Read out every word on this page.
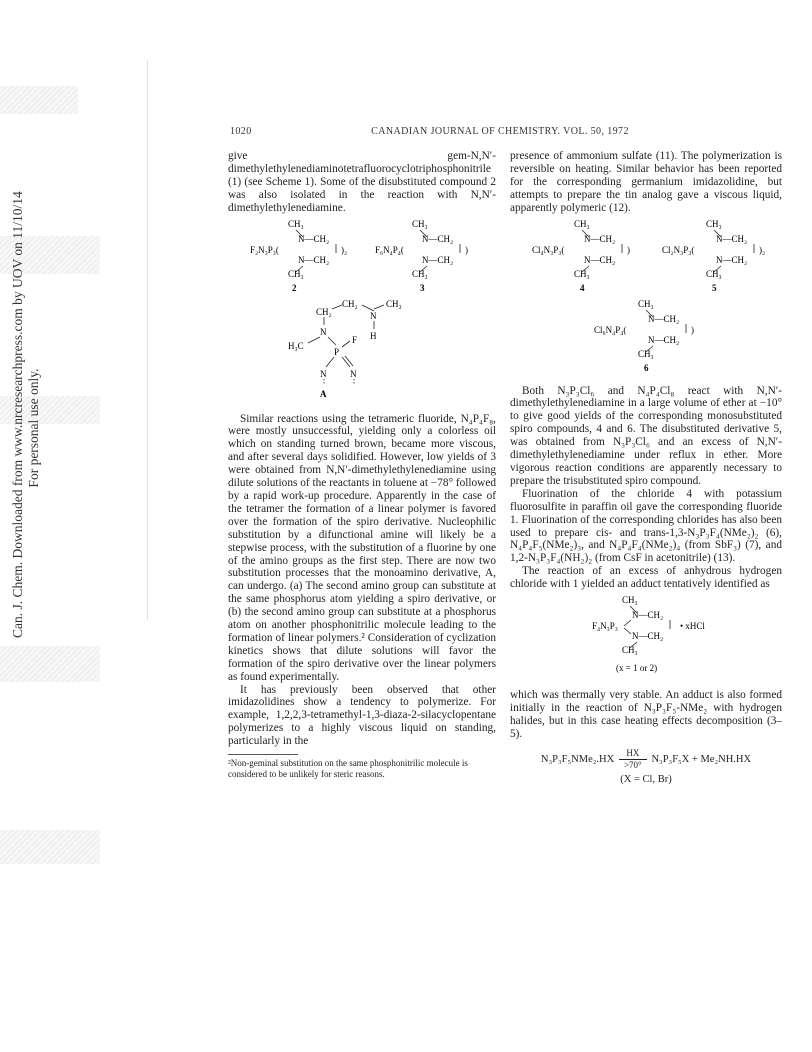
Can. J. Chem. Downloaded from www.nrcresearchpress.com by UOV on 11/10/14 For personal use only.
1020	CANADIAN JOURNAL OF CHEMISTRY. VOL. 50, 1972

give gem-N,N′-dimethylethylenediaminotetrafluorocyclotriphosphonitrile (1) (see Scheme 1). Some of the disubstituted compound 2 was also isolated in the reaction with N,N′-dimethylethylenediamine.

CH₃
N—CH₂
F₂N₃P₃(	)₂
N—CH₂
CH₃
2
CH₃
N—CH₂
F₆N₄P₄(	)
N—CH₂
CH₃
3
CH₂
CH₂
N
CH₃
H
N
H₃C
P
F
N	N
A

Similar reactions using the tetrameric fluoride, N₄P₄F₈, were mostly unsuccessful, yielding only a colorless oil which on standing turned brown, became more viscous, and after several days solidified. However, low yields of 3 were obtained from N,N′-dimethylethylenediamine using dilute solutions of the reactants in toluene at −78° followed by a rapid work-up procedure. Apparently in the case of the tetramer the formation of a linear polymer is favored over the formation of the spiro derivative. Nucleophilic substitution by a difunctional amine will likely be a stepwise process, with the substitution of a fluorine by one of the amino groups as the first step. There are now two substitution processes that the monoamino derivative, A, can undergo. (a) The second amino group can substitute at the same phosphorus atom yielding a spiro derivative, or (b) the second amino group can substitute at a phosphorus atom on another phosphonitrilic molecule leading to the formation of linear polymers.² Consideration of cyclization kinetics shows that dilute solutions will favor the formation of the spiro derivative over the linear polymers as found experimentally.

It has previously been observed that other imidazolidines show a tendency to polymerize. For example, 1,2,2,3-tetramethyl-1,3-diaza-2-silacyclopentane polymerizes to a highly viscous liquid on standing, particularly in the

²Non-geminal substitution on the same phosphonitrilic molecule is considered to be unlikely for steric reasons.

presence of ammonium sulfate (11). The polymerization is reversible on heating. Similar behavior has been reported for the corresponding germanium imidazolidine, but attempts to prepare the tin analog gave a viscous liquid, apparently polymeric (12).

CH₃
N—CH₂
Cl₄N₃P₃(	)
N—CH₂
CH₃
4
CH₃
N—CH₂
Cl₂N₃P₃(	)₂
N—CH₂
CH₃
5
CH₃
N—CH₂
Cl₆N₄P₄(	)
N—CH₂
CH₃
6

Both N₃P₃Cl₆ and N₄P₄Cl₈ react with N,N′-dimethylethylenediamine in a large volume of ether at −10° to give good yields of the corresponding monosubstituted spiro compounds, 4 and 6. The disubstituted derivative 5, was obtained from N₃P₃Cl₆ and an excess of N,N′-dimethylethylenediamine under reflux in ether. More vigorous reaction conditions are apparently necessary to prepare the trisubstituted spiro compound.

Fluorination of the chloride 4 with potassium fluorosulfite in paraffin oil gave the corresponding fluoride 1. Fluorination of the corresponding chlorides has also been used to prepare cis- and trans-1,3-N₃P₃F₄(NMe₂)₂ (6), N₄P₄F₅(NMe₂)₃, and N₄P₄F₄(NMe₂)₄ (from SbF₃) (7), and 1,2-N₃P₃F₄(NH₂)₂ (from CsF in acetonitrile) (13).

The reaction of an excess of anhydrous hydrogen chloride with 1 yielded an adduct tentatively identified as

CH₃
N—CH₂
F₄N₃P₃	• xHCl
N—CH₂
CH₃
(x = 1 or 2)

which was thermally very stable. An adduct is also formed initially in the reaction of N₃P₃F₅-NMe₂ with hydrogen halides, but in this case heating effects decomposition (3–5).

$N_3P_3F_5NMe_2.HX \frac{HX}{>70^\circ} N_3P_3F_5X + Me_2NH.HX$
(X = Cl, Br)
